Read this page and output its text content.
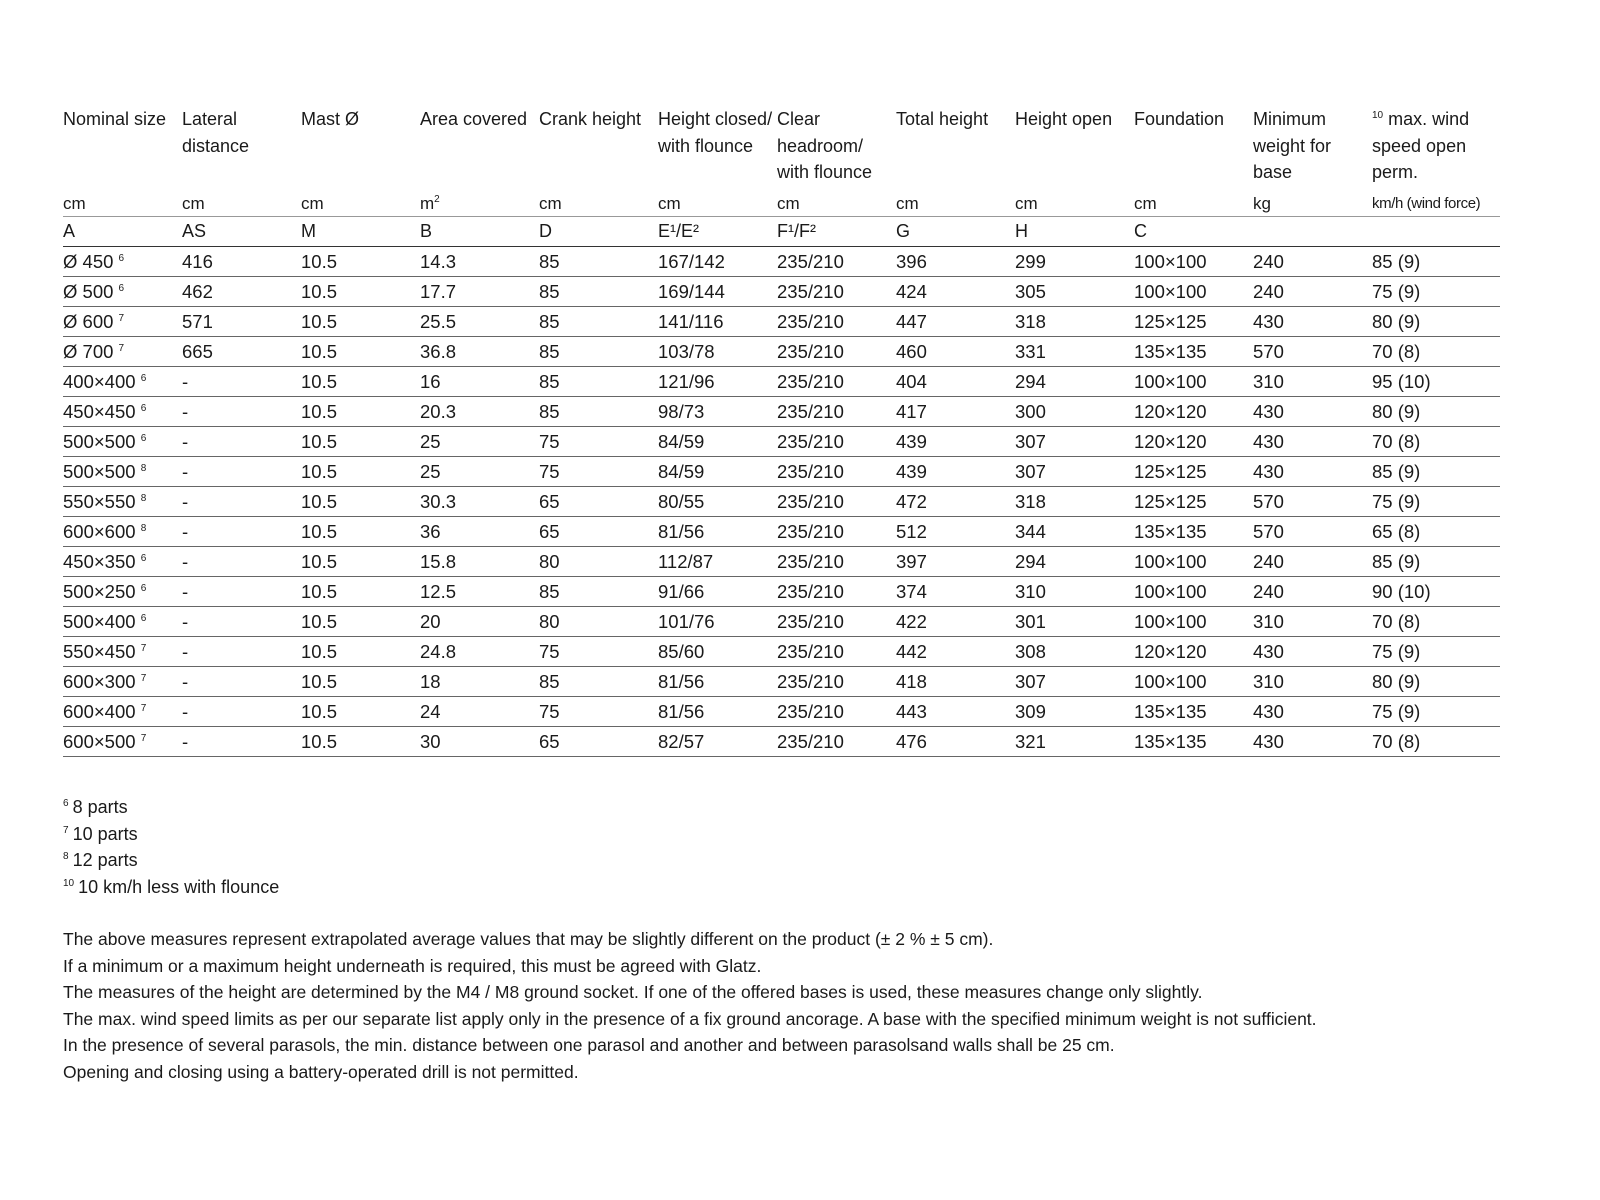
Nominal size	Lateral distance	Mast Ø	Area covered	Crank height	Height closed/ with flounce	Clear headroom/ with flounce	Total height	Height open	Foundation	Minimum weight for base	$^{10}$ max. wind speed open perm.
cm	cm	cm	$m^2$	cm	cm	cm	cm	cm	cm	kg	km/h (wind force)
A	AS	M	B	D	E¹/E²	F¹/F²	G	H	C		
Ø 450 $^6$	416	10.5	14.3	85	167/142	235/210	396	299	100×100	240	85 (9)
Ø 500 $^6$	462	10.5	17.7	85	169/144	235/210	424	305	100×100	240	75 (9)
Ø 600 $^7$	571	10.5	25.5	85	141/116	235/210	447	318	125×125	430	80 (9)
Ø 700 $^7$	665	10.5	36.8	85	103/78	235/210	460	331	135×135	570	70 (8)
400×400 $^6$	-	10.5	16	85	121/96	235/210	404	294	100×100	310	95 (10)
450×450 $^6$	-	10.5	20.3	85	98/73	235/210	417	300	120×120	430	80 (9)
500×500 $^6$	-	10.5	25	75	84/59	235/210	439	307	120×120	430	70 (8)
500×500 $^8$	-	10.5	25	75	84/59	235/210	439	307	125×125	430	85 (9)
550×550 $^8$	-	10.5	30.3	65	80/55	235/210	472	318	125×125	570	75 (9)
600×600 $^8$	-	10.5	36	65	81/56	235/210	512	344	135×135	570	65 (8)
450×350 $^6$	-	10.5	15.8	80	112/87	235/210	397	294	100×100	240	85 (9)
500×250 $^6$	-	10.5	12.5	85	91/66	235/210	374	310	100×100	240	90 (10)
500×400 $^6$	-	10.5	20	80	101/76	235/210	422	301	100×100	310	70 (8)
550×450 $^7$	-	10.5	24.8	75	85/60	235/210	442	308	120×120	430	75 (9)
600×300 $^7$	-	10.5	18	85	81/56	235/210	418	307	100×100	310	80 (9)
600×400 $^7$	-	10.5	24	75	81/56	235/210	443	309	135×135	430	75 (9)
600×500 $^7$	-	10.5	30	65	82/57	235/210	476	321	135×135	430	70 (8)
$^6$ 8 parts
$^7$ 10 parts
$^8$ 12 parts
$^{10}$ 10 km/h less with flounce
The above measures represent extrapolated average values that may be slightly different on the product (± 2 % ± 5 cm).
If a minimum or a maximum height underneath is required, this must be agreed with Glatz.
The measures of the height are determined by the M4 / M8 ground socket. If one of the offered bases is used, these measures change only slightly.
The max. wind speed limits as per our separate list apply only in the presence of a fix ground ancorage. A base with the specified minimum weight is not sufficient.
In the presence of several parasols, the min. distance between one parasol and another and between parasolsand walls shall be 25 cm.
Opening and closing using a battery-operated drill is not permitted.
